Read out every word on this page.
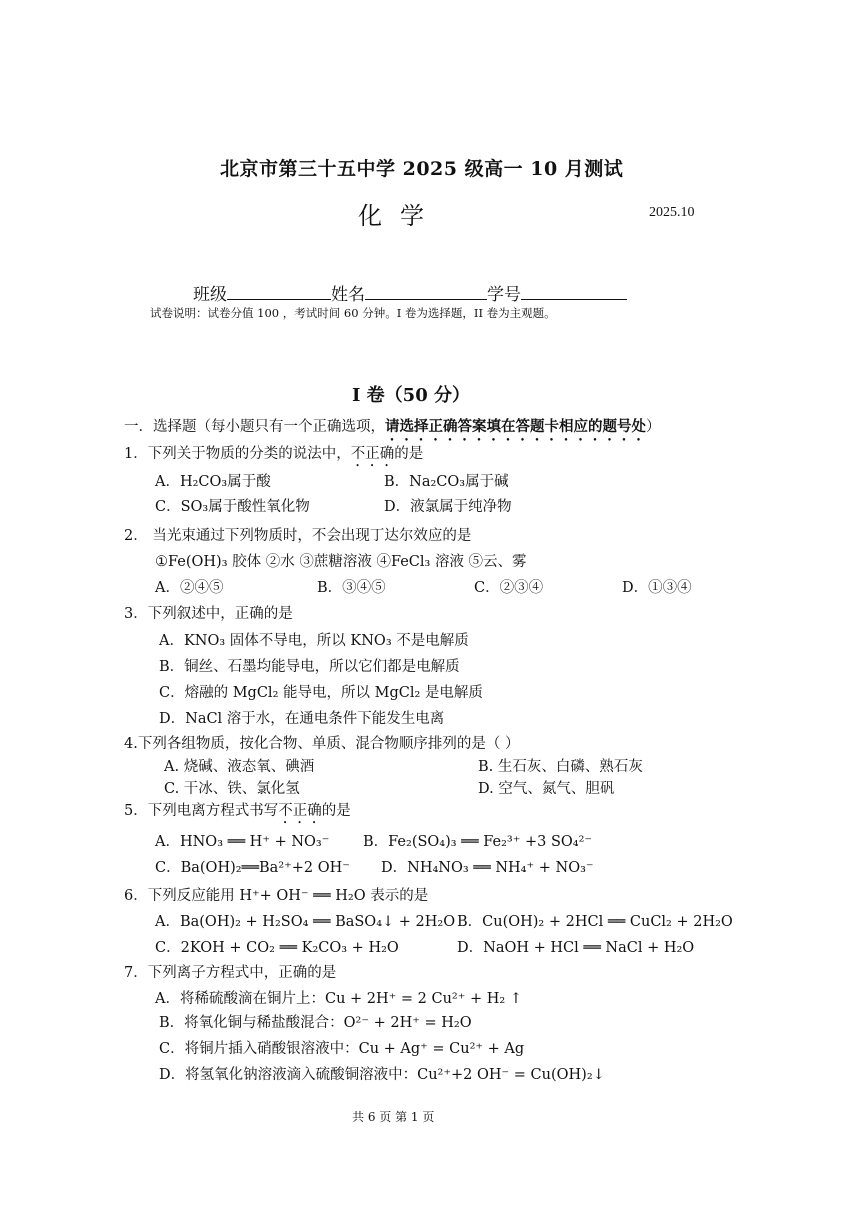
北京市第三十五中学 2025 级高一 10 月测试
化学	2025.10
班级	姓名	学号
试卷说明：试卷分值 100 ，考试时间 60 分钟。I 卷为选择题，II 卷为主观题。
I 卷（50 分）
一．选择题（每小题只有一个正确选项，请选择正确答案填在答题卡相应的题号处）
1．下列关于物质的分类的说法中，不正确的是
A．H₂CO₃属于酸	B．Na₂CO₃属于碱
C．SO₃属于酸性氧化物	D．液氯属于纯净物
2． 当光束通过下列物质时，不会出现丁达尔效应的是
①Fe(OH)₃ 胶体 ②水 ③蔗糖溶液 ④FeCl₃ 溶液 ⑤云、雾
A．②④⑤	B．③④⑤	C．②③④	D．①③④
3．下列叙述中，正确的是
A．KNO₃ 固体不导电，所以 KNO₃ 不是电解质
B．铜丝、石墨均能导电，所以它们都是电解质
C．熔融的 MgCl₂ 能导电，所以 MgCl₂ 是电解质
D．NaCl 溶于水，在通电条件下能发生电离
4.下列各组物质，按化合物、单质、混合物顺序排列的是（ ）
A. 烧碱、液态氧、碘酒	B. 生石灰、白磷、熟石灰
C. 干冰、铁、氯化氢	D. 空气、氮气、胆矾
5．下列电离方程式书写不正确的是
A．HNO₃ ══ H⁺ + NO₃⁻ B．Fe₂(SO₄)₃ ══ Fe₂³⁺ +3 SO₄²⁻
C．Ba(OH)₂══Ba²⁺+2 OH⁻ D．NH₄NO₃ ══ NH₄⁺ + NO₃⁻
6．下列反应能用 H⁺+ OH⁻ ══ H₂O 表示的是
A．Ba(OH)₂ + H₂SO₄ ══ BaSO₄↓ + 2H₂O B．Cu(OH)₂ + 2HCl ══ CuCl₂ + 2H₂O
C．2KOH + CO₂ ══ K₂CO₃ + H₂O	D．NaOH + HCl ══ NaCl + H₂O
7．下列离子方程式中，正确的是
A．将稀硫酸滴在铜片上：Cu + 2H⁺ = 2 Cu²⁺ + H₂ ↑
B．将氧化铜与稀盐酸混合：O²⁻ + 2H⁺ = H₂O
C．将铜片插入硝酸银溶液中：Cu + Ag⁺ = Cu²⁺ + Ag
D．将氢氧化钠溶液滴入硫酸铜溶液中：Cu²⁺+2 OH⁻ = Cu(OH)₂↓
共 6 页 第 1 页
